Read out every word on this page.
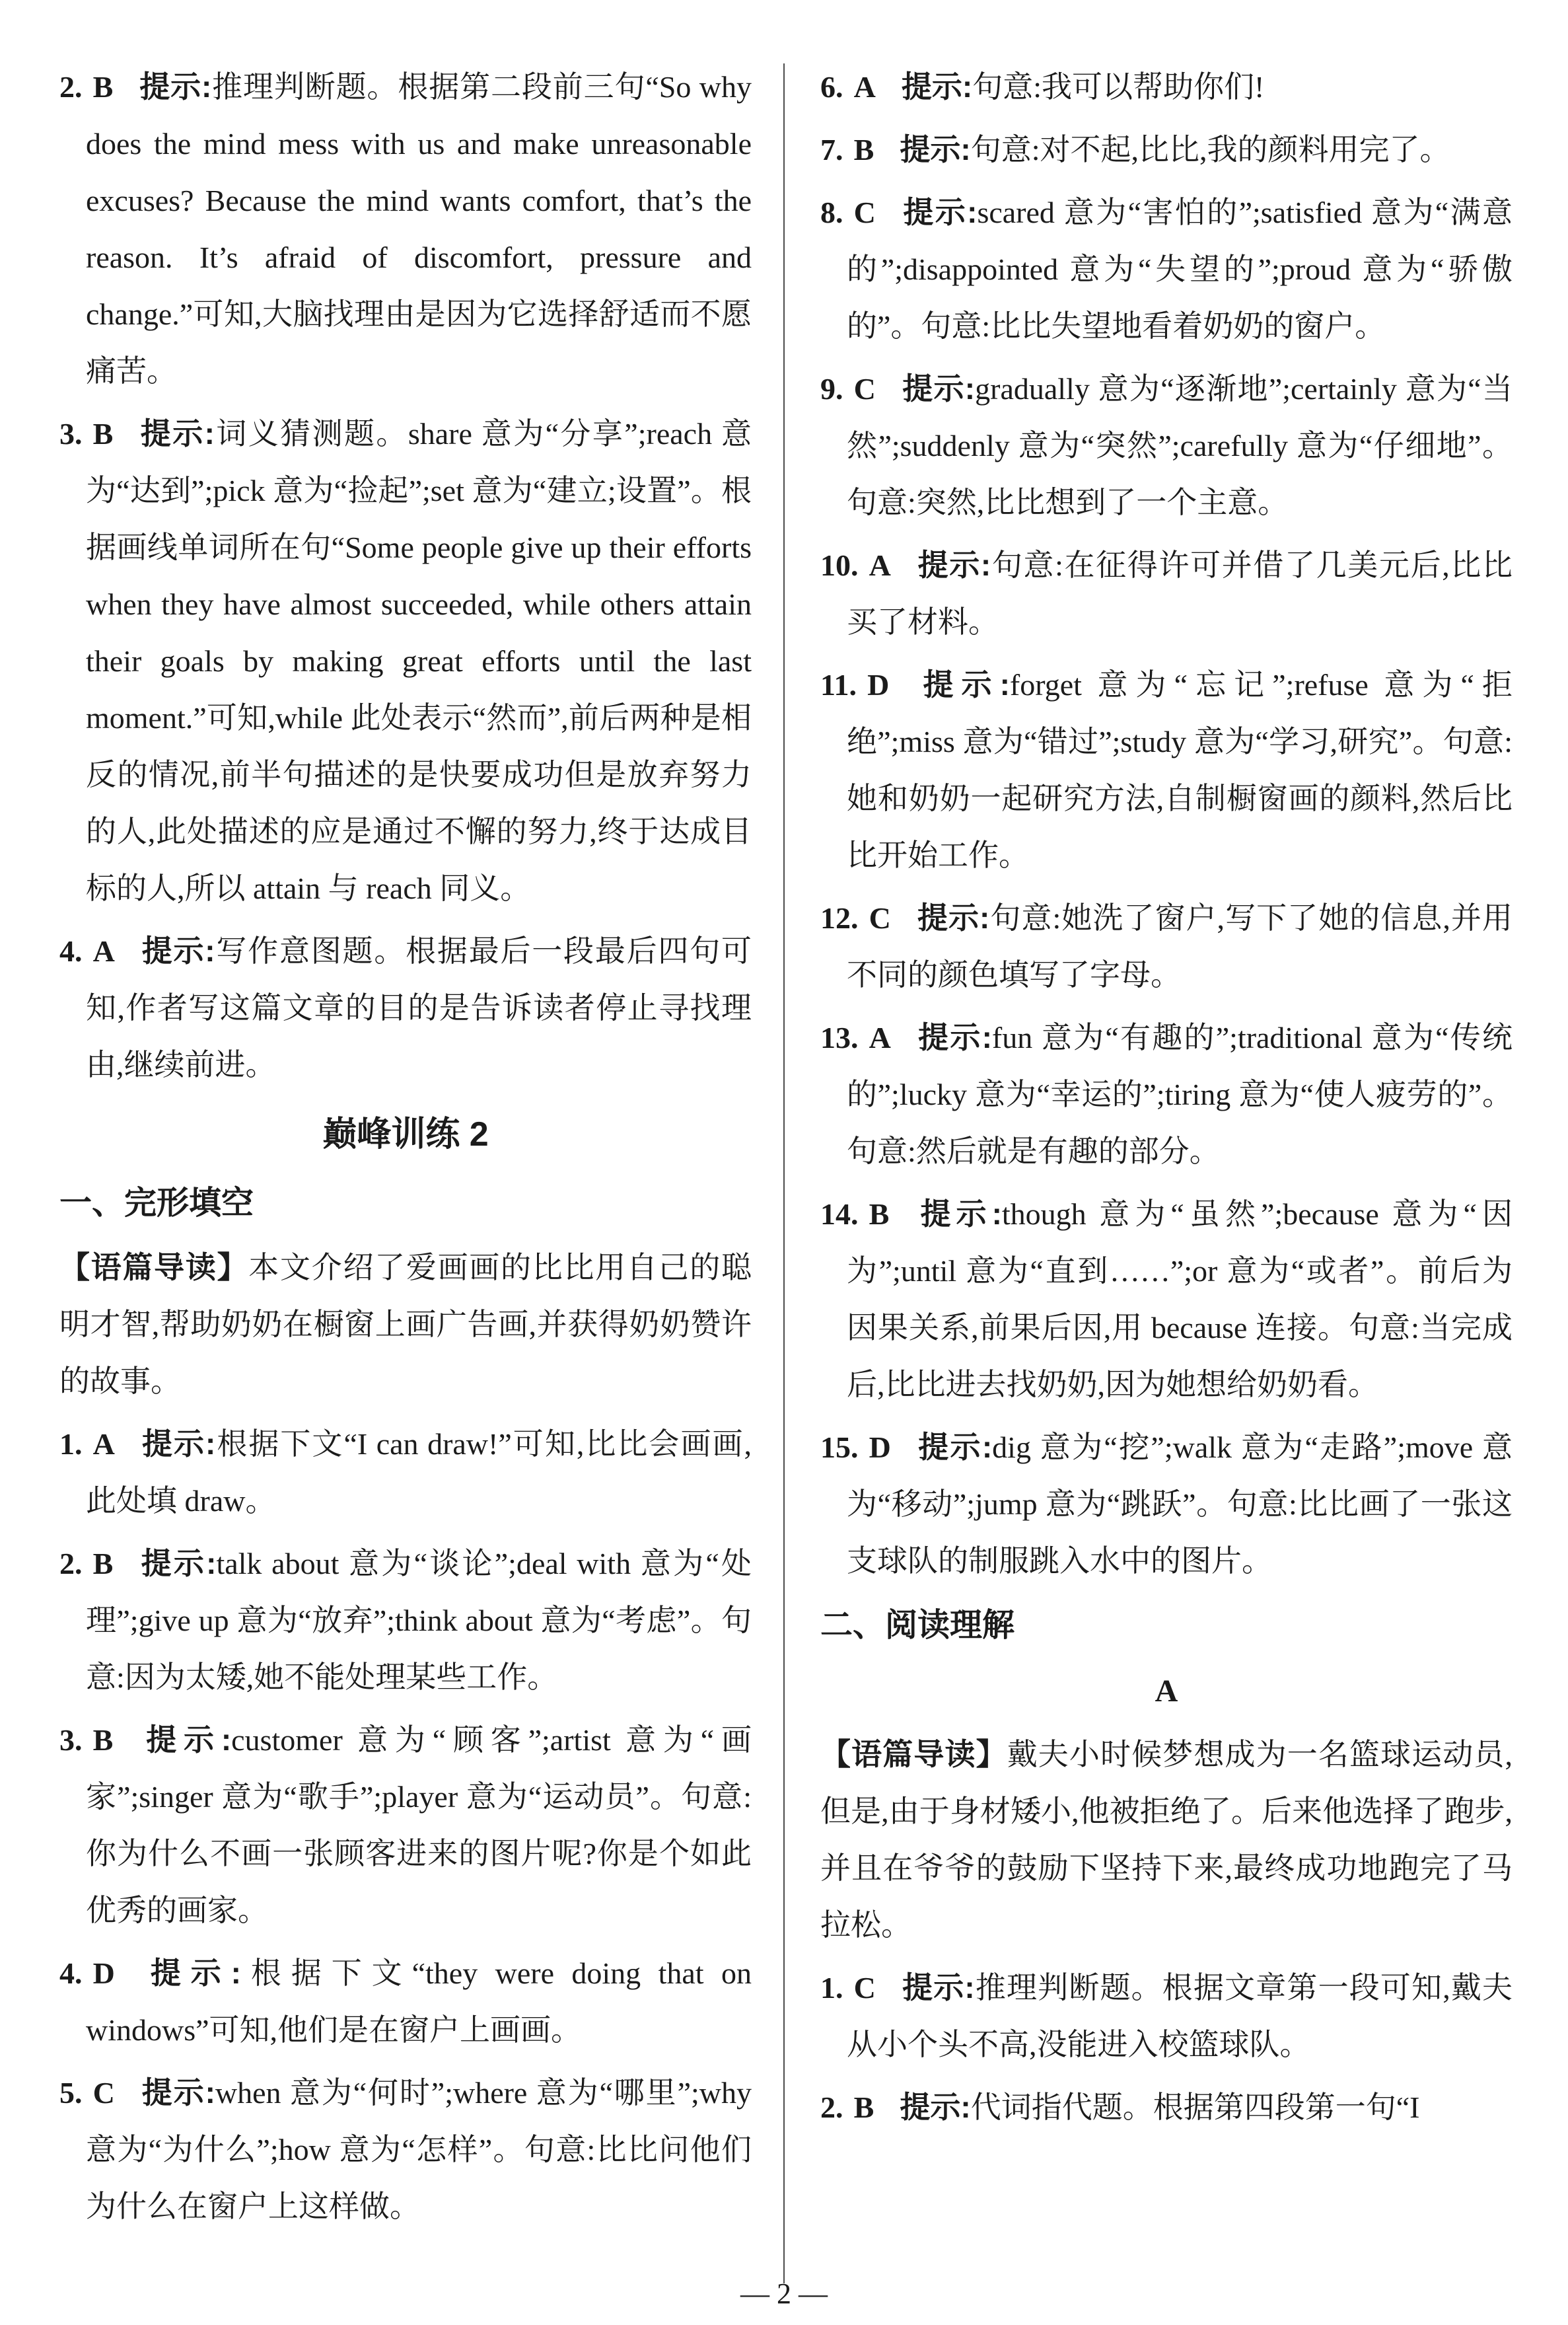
2. B 提示:推理判断题。根据第二段前三句“So why does the mind mess with us and make unreasonable excuses? Because the mind wants comfort, that’s the reason. It’s afraid of discomfort, pressure and change.”可知,大脑找理由是因为它选择舒适而不愿痛苦。
3. B 提示:词义猜测题。share 意为“分享”;reach 意为“达到”;pick 意为“捡起”;set 意为“建立;设置”。根据画线单词所在句“Some people give up their efforts when they have almost succeeded, while others attain their goals by making great efforts until the last moment.”可知,while 此处表示“然而”,前后两种是相反的情况,前半句描述的是快要成功但是放弃努力的人,此处描述的应是通过不懈的努力,终于达成目标的人,所以 attain 与 reach 同义。
4. A 提示:写作意图题。根据最后一段最后四句可知,作者写这篇文章的目的是告诉读者停止寻找理由,继续前进。
巅峰训练 2
一、完形填空
【语篇导读】本文介绍了爱画画的比比用自己的聪明才智,帮助奶奶在橱窗上画广告画,并获得奶奶赞许的故事。
1. A 提示:根据下文“I can draw!”可知,比比会画画,此处填 draw。
2. B 提示:talk about 意为“谈论”;deal with 意为“处理”;give up 意为“放弃”;think about 意为“考虑”。句意:因为太矮,她不能处理某些工作。
3. B 提示:customer 意为“顾客”;artist 意为“画家”;singer 意为“歌手”;player 意为“运动员”。句意:你为什么不画一张顾客进来的图片呢?你是个如此优秀的画家。
4. D 提示:根据下文“they were doing that on windows”可知,他们是在窗户上画画。
5. C 提示:when 意为“何时”;where 意为“哪里”;why 意为“为什么”;how 意为“怎样”。句意:比比问他们为什么在窗户上这样做。
6. A 提示:句意:我可以帮助你们!
7. B 提示:句意:对不起,比比,我的颜料用完了。
8. C 提示:scared 意为“害怕的”;satisfied 意为“满意的”;disappointed 意为“失望的”;proud 意为“骄傲的”。句意:比比失望地看着奶奶的窗户。
9. C 提示:gradually 意为“逐渐地”;certainly 意为“当然”;suddenly 意为“突然”;carefully 意为“仔细地”。句意:突然,比比想到了一个主意。
10. A 提示:句意:在征得许可并借了几美元后,比比买了材料。
11. D 提示:forget 意为“忘记”;refuse 意为“拒绝”;miss 意为“错过”;study 意为“学习,研究”。句意:她和奶奶一起研究方法,自制橱窗画的颜料,然后比比开始工作。
12. C 提示:句意:她洗了窗户,写下了她的信息,并用不同的颜色填写了字母。
13. A 提示:fun 意为“有趣的”;traditional 意为“传统的”;lucky 意为“幸运的”;tiring 意为“使人疲劳的”。句意:然后就是有趣的部分。
14. B 提示:though 意为“虽然”;because 意为“因为”;until 意为“直到……”;or 意为“或者”。前后为因果关系,前果后因,用 because 连接。句意:当完成后,比比进去找奶奶,因为她想给奶奶看。
15. D 提示:dig 意为“挖”;walk 意为“走路”;move 意为“移动”;jump 意为“跳跃”。句意:比比画了一张这支球队的制服跳入水中的图片。
二、阅读理解
A
【语篇导读】戴夫小时候梦想成为一名篮球运动员,但是,由于身材矮小,他被拒绝了。后来他选择了跑步,并且在爷爷的鼓励下坚持下来,最终成功地跑完了马拉松。
1. C 提示:推理判断题。根据文章第一段可知,戴夫从小个头不高,没能进入校篮球队。
2. B 提示:代词指代题。根据第四段第一句“I
— 2 —
